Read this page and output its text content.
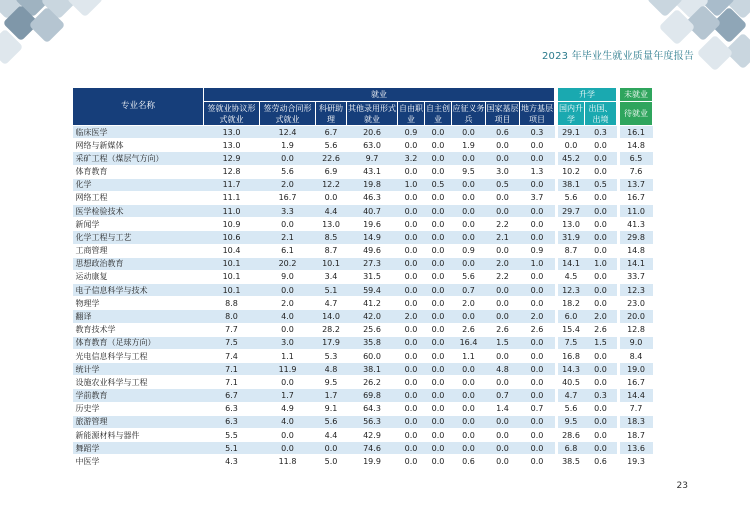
2023 年毕业生就业质量年度报告
专业名称	就业										升学			未就业
	签就业协议形式就业	签劳动合同形式就业	科研助理	其他录用形式就业	自由职业	自主创业	应征义务兵	国家基层项目	地方基层项目		国内升学	出国、出境		待就业
临床医学	13.0	12.4	6.7	20.6	0.9	0.0	0.0	0.6	0.3		29.1	0.3		16.1
网络与新媒体	13.0	1.9	5.6	63.0	0.0	0.0	1.9	0.0	0.0		0.0	0.0		14.8
采矿工程（煤层气方向）	12.9	0.0	22.6	9.7	3.2	0.0	0.0	0.0	0.0		45.2	0.0		6.5
体育教育	12.8	5.6	6.9	43.1	0.0	0.0	9.5	3.0	1.3		10.2	0.0		7.6
化学	11.7	2.0	12.2	19.8	1.0	0.5	0.0	0.5	0.0		38.1	0.5		13.7
网络工程	11.1	16.7	0.0	46.3	0.0	0.0	0.0	0.0	3.7		5.6	0.0		16.7
医学检验技术	11.0	3.3	4.4	40.7	0.0	0.0	0.0	0.0	0.0		29.7	0.0		11.0
新闻学	10.9	0.0	13.0	19.6	0.0	0.0	0.0	2.2	0.0		13.0	0.0		41.3
化学工程与工艺	10.6	2.1	8.5	14.9	0.0	0.0	0.0	2.1	0.0		31.9	0.0		29.8
工商管理	10.4	6.1	8.7	49.6	0.0	0.0	0.9	0.0	0.9		8.7	0.0		14.8
思想政治教育	10.1	20.2	10.1	27.3	0.0	0.0	0.0	2.0	1.0		14.1	1.0		14.1
运动康复	10.1	9.0	3.4	31.5	0.0	0.0	5.6	2.2	0.0		4.5	0.0		33.7
电子信息科学与技术	10.1	0.0	5.1	59.4	0.0	0.0	0.7	0.0	0.0		12.3	0.0		12.3
物理学	8.8	2.0	4.7	41.2	0.0	0.0	2.0	0.0	0.0		18.2	0.0		23.0
翻译	8.0	4.0	14.0	42.0	2.0	0.0	0.0	0.0	2.0		6.0	2.0		20.0
教育技术学	7.7	0.0	28.2	25.6	0.0	0.0	2.6	2.6	2.6		15.4	2.6		12.8
体育教育（足球方向）	7.5	3.0	17.9	35.8	0.0	0.0	16.4	1.5	0.0		7.5	1.5		9.0
光电信息科学与工程	7.4	1.1	5.3	60.0	0.0	0.0	1.1	0.0	0.0		16.8	0.0		8.4
统计学	7.1	11.9	4.8	38.1	0.0	0.0	0.0	4.8	0.0		14.3	0.0		19.0
设施农业科学与工程	7.1	0.0	9.5	26.2	0.0	0.0	0.0	0.0	0.0		40.5	0.0		16.7
学前教育	6.7	1.7	1.7	69.8	0.0	0.0	0.0	0.7	0.0		4.7	0.3		14.4
历史学	6.3	4.9	9.1	64.3	0.0	0.0	0.0	1.4	0.7		5.6	0.0		7.7
旅游管理	6.3	4.0	5.6	56.3	0.0	0.0	0.0	0.0	0.0		9.5	0.0		18.3
新能源材料与器件	5.5	0.0	4.4	42.9	0.0	0.0	0.0	0.0	0.0		28.6	0.0		18.7
舞蹈学	5.1	0.0	0.0	74.6	0.0	0.0	0.0	0.0	0.0		6.8	0.0		13.6
中医学	4.3	11.8	5.0	19.9	0.0	0.0	0.6	0.0	0.0		38.5	0.6		19.3
23
